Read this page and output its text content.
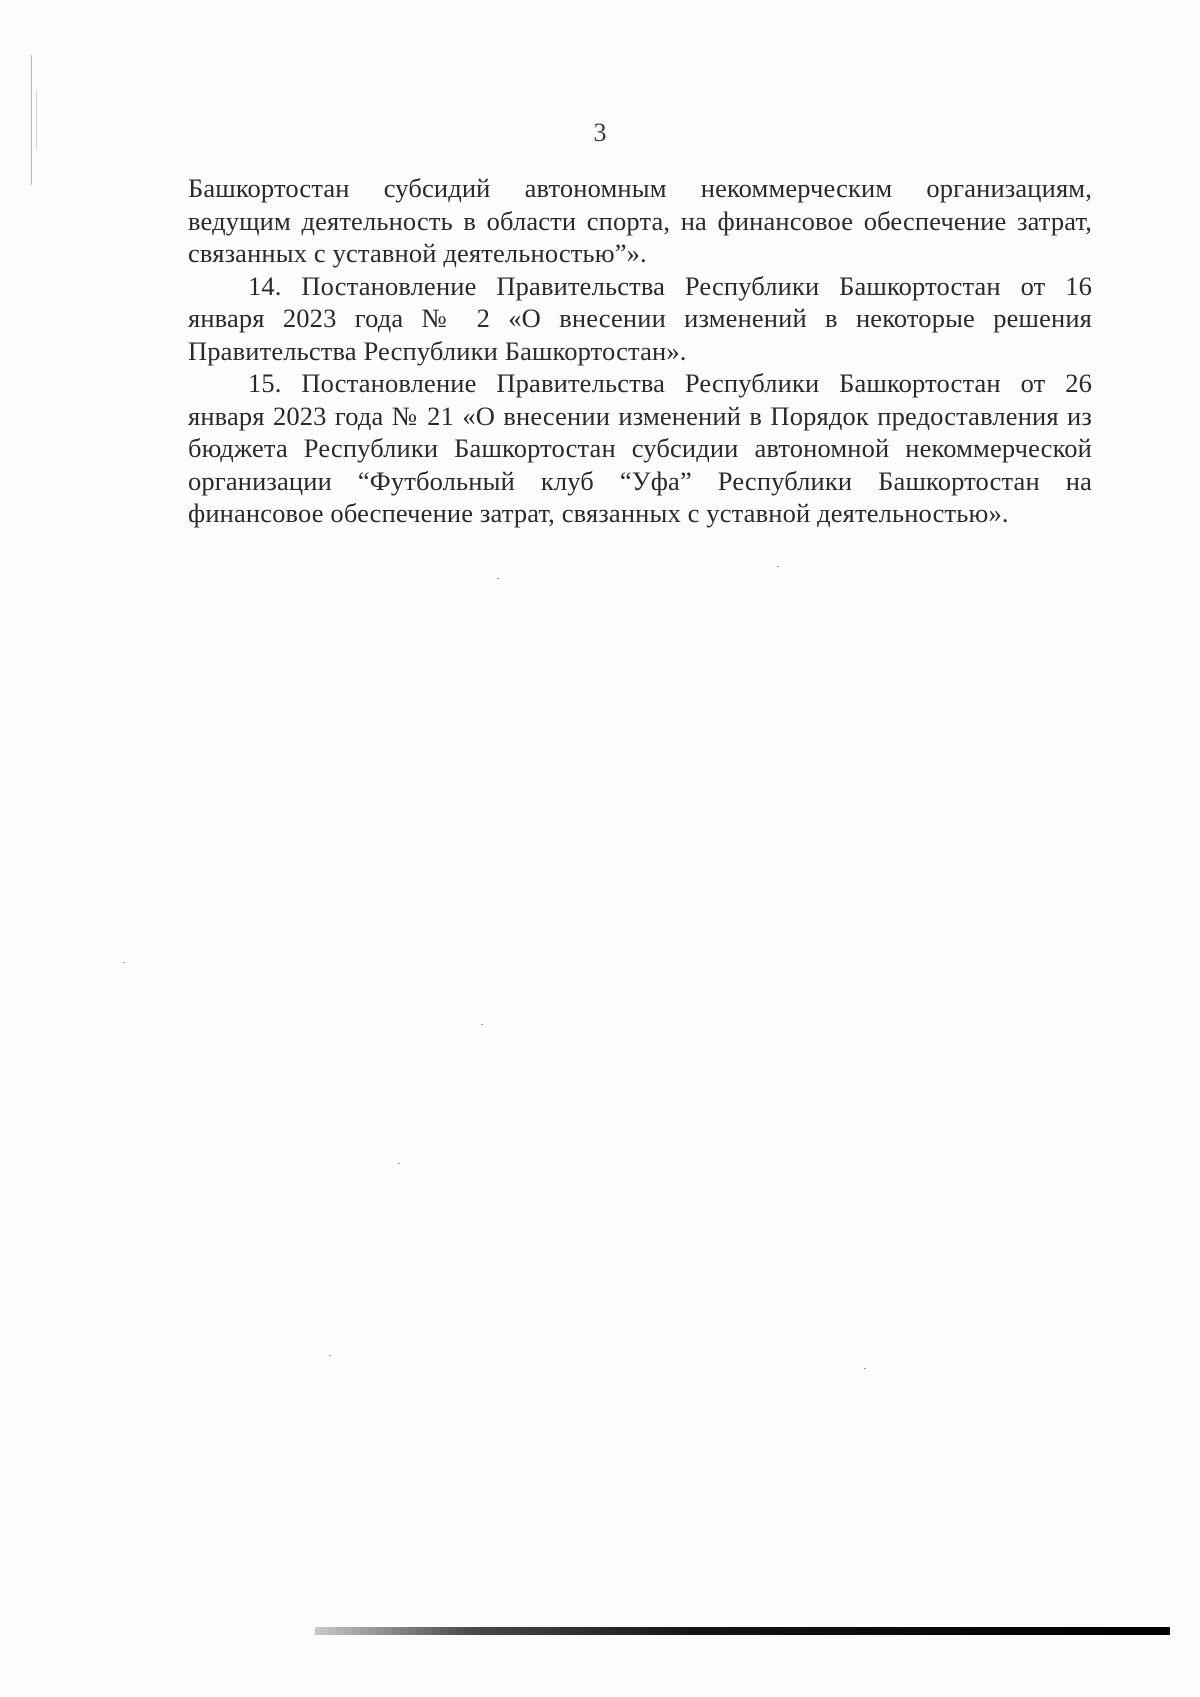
3

Башкортостан субсидий автономным некоммерческим организациям, ведущим деятельность в области спорта, на финансовое обеспечение затрат, связанных с уставной деятельностью”».

14. Постановление Правительства Республики Башкортостан от 16 января 2023 года № 2 «О внесении изменений в некоторые решения Правительства Республики Башкортостан».

15. Постановление Правительства Республики Башкортостан от 26 января 2023 года № 21 «О внесении изменений в Порядок предоставления из бюджета Республики Башкортостан субсидии автономной некоммерческой организации “Футбольный клуб “Уфа” Республики Башкортостан на финансовое обеспечение затрат, связанных с уставной деятельностью».
